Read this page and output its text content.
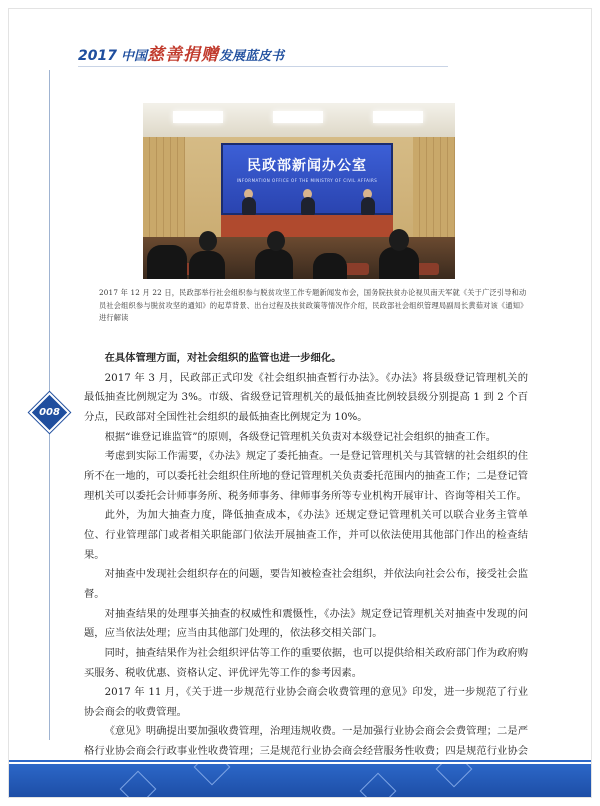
2017 中国 慈善捐赠 发展蓝皮书
民政部新闻办公室
INFORMATION OFFICE OF THE MINISTRY OF CIVIL AFFAIRS
2017 年 12 月 22 日，民政部举行社会组织参与脱贫攻坚工作专题新闻发布会，国务院扶贫办论视贝南天军就《关于广泛引导和动员社会组织参与脱贫攻坚的通知》的起草背景、出台过程及扶贫政策等情况作介绍，民政部社会组织管理局副局长黄茹对该《通知》进行解读

在具体管理方面，对社会组织的监管也进一步细化。

2017 年 3 月，民政部正式印发《社会组织抽查暂行办法》。《办法》将县级登记管理机关的最低抽查比例规定为 3%。市级、省级登记管理机关的最低抽查比例较县级分别提高 1 到 2 个百分点，民政部对全国性社会组织的最低抽查比例规定为 10%。

根据“谁登记谁监管”的原则，各级登记管理机关负责对本级登记社会组织的抽查工作。

考虑到实际工作需要，《办法》规定了委托抽查。一是登记管理机关与其管辖的社会组织的住所不在一地的，可以委托社会组织住所地的登记管理机关负责委托范围内的抽查工作；二是登记管理机关可以委托会计师事务所、税务师事务、律师事务所等专业机构开展审计、咨询等相关工作。

此外，为加大抽查力度，降低抽查成本，《办法》还规定登记管理机关可以联合业务主管单位、行业管理部门或者相关职能部门依法开展抽查工作，并可以依法使用其他部门作出的检查结果。

对抽查中发现社会组织存在的问题，要告知被检查社会组织，并依法向社会公布，接受社会监督。

对抽查结果的处理事关抽查的权威性和震慑性，《办法》规定登记管理机关对抽查中发现的问题，应当依法处理；应当由其他部门处理的，依法移交相关部门。

同时，抽查结果作为社会组织评估等工作的重要依据，也可以提供给相关政府部门作为政府购买服务、税收优惠、资格认定、评优评先等工作的参考因素。

2017 年 11 月，《关于进一步规范行业协会商会收费管理的意见》印发，进一步规范了行业协会商会的收费管理。

《意见》明确提出要加强收费管理，治理违规收费。一是加强行业协会商会会费管理；二是严格行业协会商会行政事业性收费管理；三是规范行业协会商会经营服务性收费；四是规范行业协会

008
